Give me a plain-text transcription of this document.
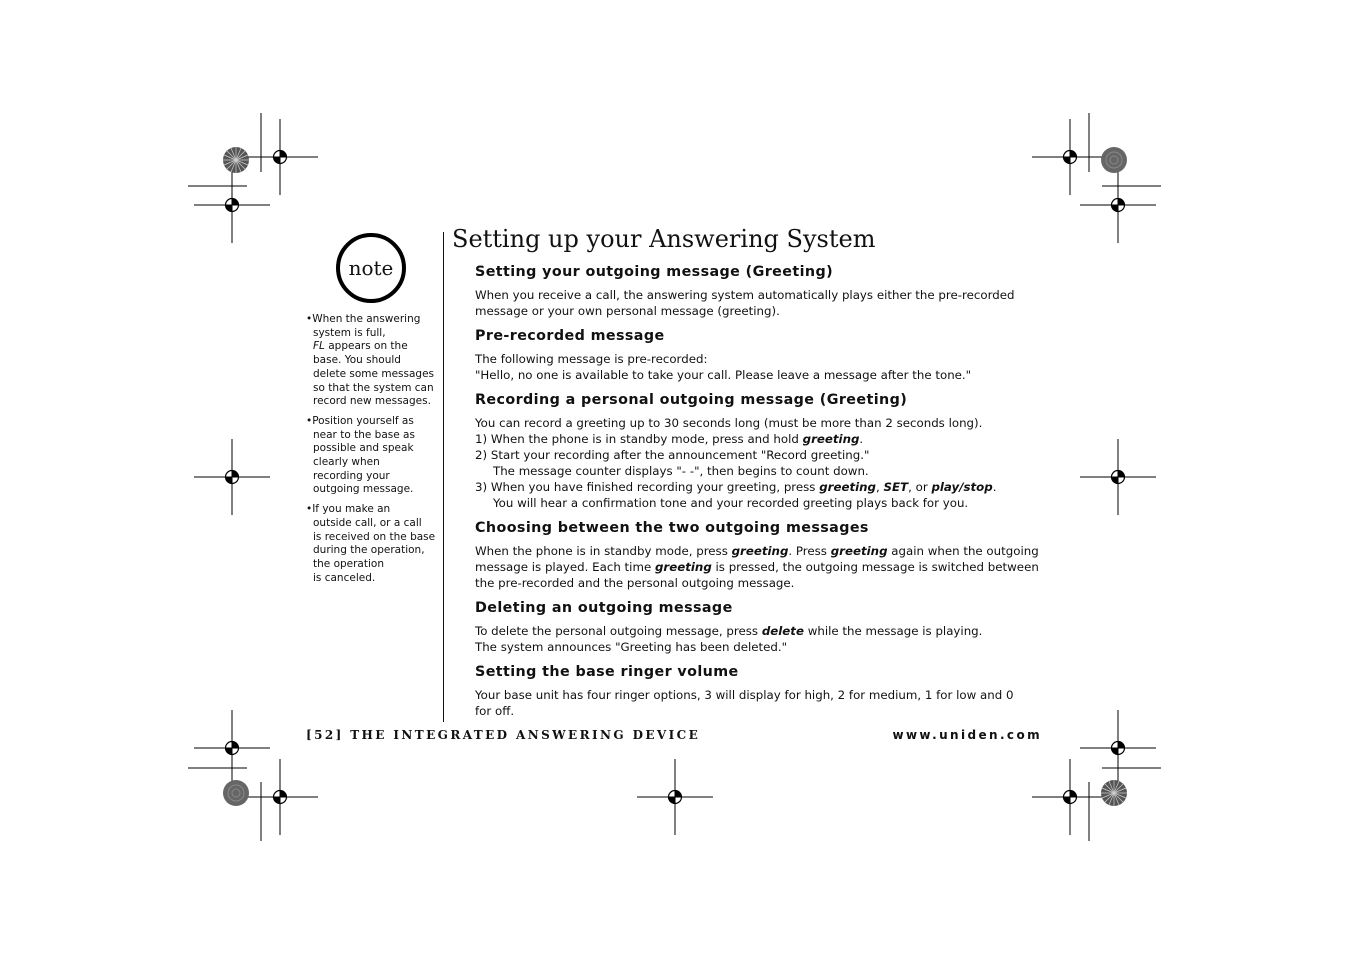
note
•When the answering
system is full,
FL appears on the
base. You should
delete some messages
so that the system can
record new messages.
•Position yourself as
near to the base as
possible and speak
clearly when
recording your
outgoing message.
•If you make an
outside call, or a call
is received on the base
during the operation,
the operation
is canceled.
Setting up your Answering System
Setting your outgoing message (Greeting)

When you receive a call, the answering system automatically plays either the pre-recorded
message or your own personal message (greeting).

Pre-recorded message

The following message is pre-recorded:
"Hello, no one is available to take your call. Please leave a message after the tone."

Recording a personal outgoing message (Greeting)

You can record a greeting up to 30 seconds long (must be more than 2 seconds long).
1) When the phone is in standby mode, press and hold greeting.
2) Start your recording after the announcement "Record greeting."
The message counter displays "- -", then begins to count down.
3) When you have finished recording your greeting, press greeting, SET, or play/stop.
You will hear a confirmation tone and your recorded greeting plays back for you.

Choosing between the two outgoing messages

When the phone is in standby mode, press greeting. Press greeting again when the outgoing
message is played. Each time greeting is pressed, the outgoing message is switched between
the pre-recorded and the personal outgoing message.

Deleting an outgoing message

To delete the personal outgoing message, press delete while the message is playing.
The system announces "Greeting has been deleted."

Setting the base ringer volume

Your base unit has four ringer options, 3 will display for high, 2 for medium, 1 for low and 0
for off.

[52] THE INTEGRATED ANSWERING DEVICE	www.uniden.com
